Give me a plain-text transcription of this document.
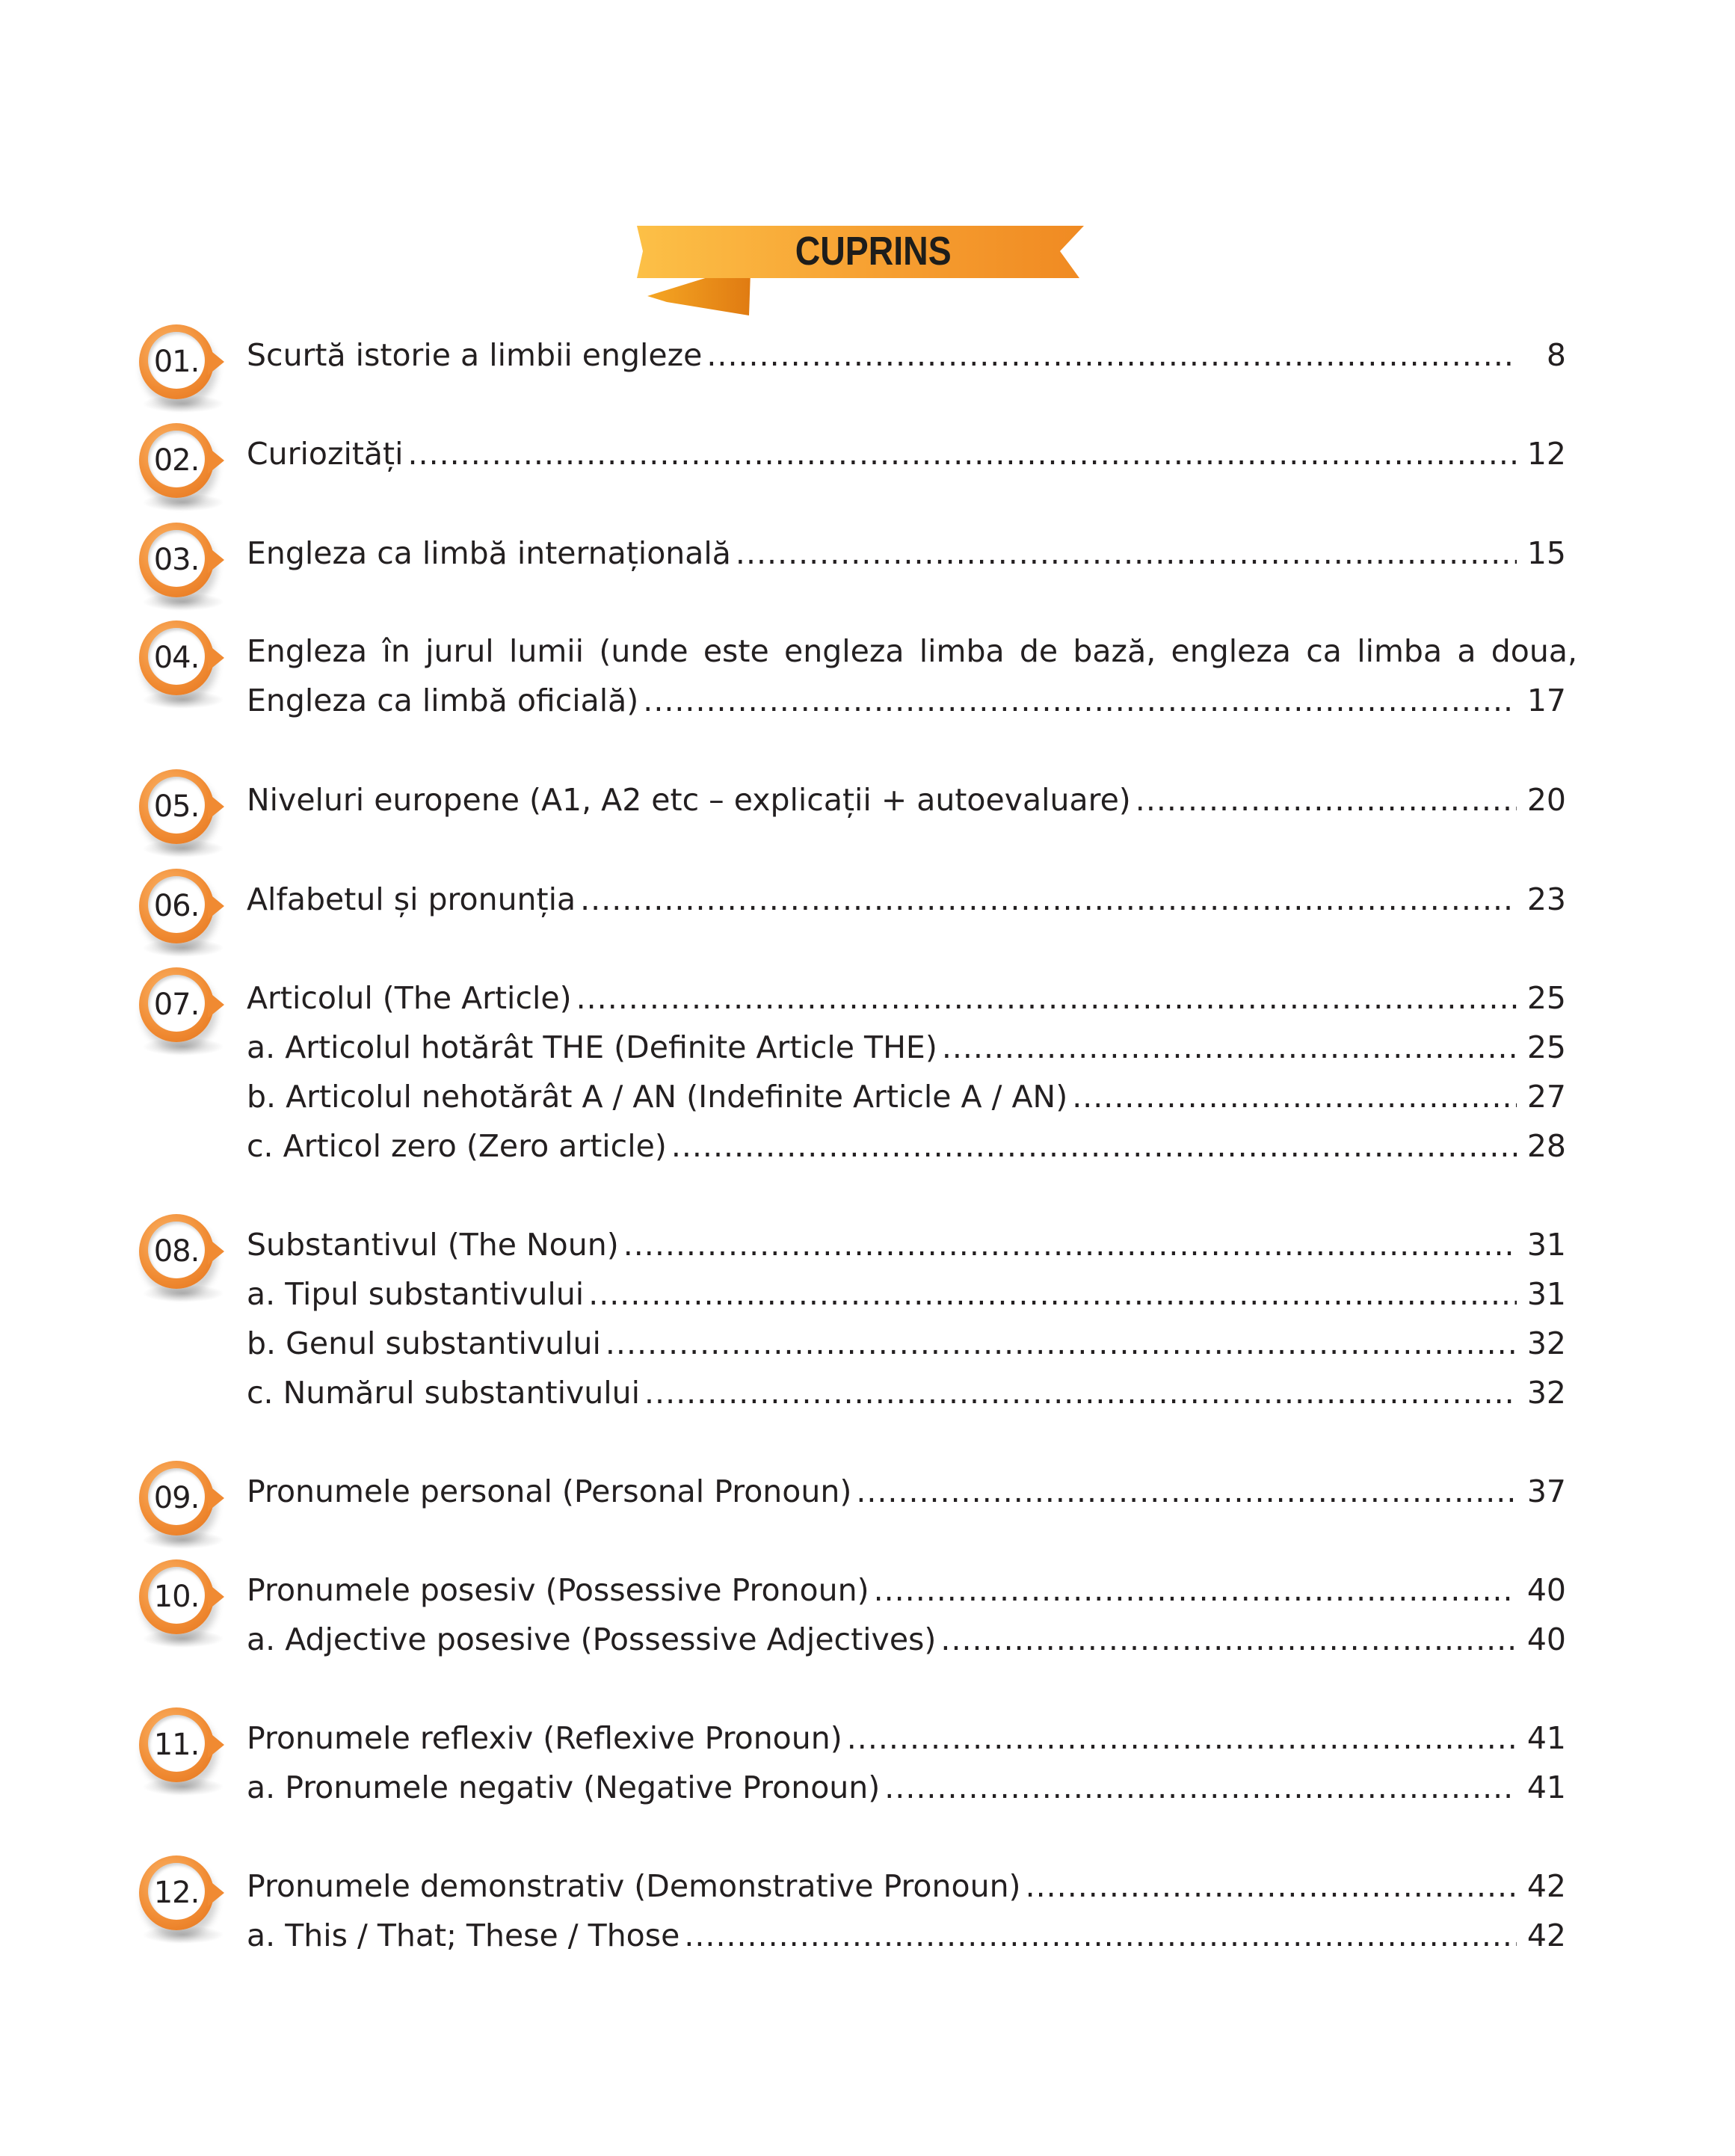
CUPRINS
01.	Scurtă istorie a limbii engleze .....	8
02.	Curiozități .....	12
03.	Engleza ca limbă internațională .....	15
04.	Engleza în jurul lumii (unde este engleza limba de bază, engleza ca limba a doua,
Engleza ca limbă oficială) .....	17
05.	Niveluri europene (A1, A2 etc – explicații + autoevaluare) .....	20
06.	Alfabetul și pronunția .....	23
07.	Articolul (The Article) .....	25
a. Articolul hotărât THE (Definite Article THE) .....	25
b. Articolul nehotărât A / AN (Indefinite Article A / AN) .....	27
c. Articol zero (Zero article) .....	28
08.	Substantivul (The Noun) .....	31
a. Tipul substantivului .....	31
b. Genul substantivului .....	32
c. Numărul substantivului .....	32
09.	Pronumele personal (Personal Pronoun) .....	37
10.	Pronumele posesiv (Possessive Pronoun) .....	40
a. Adjective posesive (Possessive Adjectives) .....	40
11.	Pronumele reflexiv (Reflexive Pronoun) .....	41
a. Pronumele negativ (Negative Pronoun) .....	41
12.	Pronumele demonstrativ (Demonstrative Pronoun) .....	42
a. This / That; These / Those .....	42
